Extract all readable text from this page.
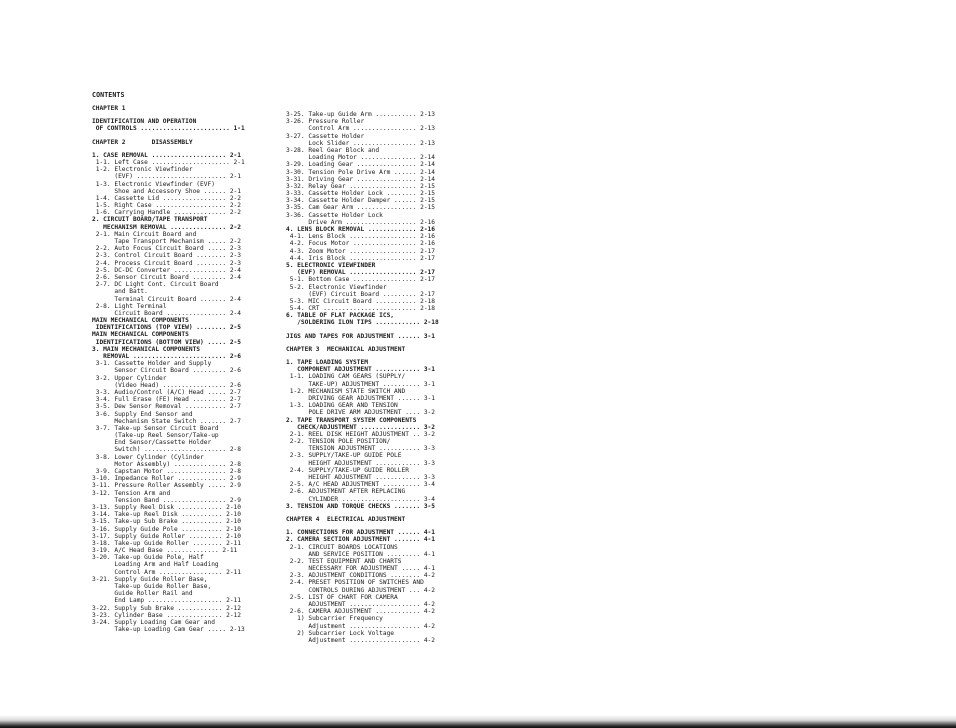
CONTENTS
CHAPTER 1
IDENTIFICATION AND OPERATION
OF CONTROLS ........................ 1-1
CHAPTER 2       DISASSEMBLY
1. CASE REMOVAL .................... 2-1
1-1. Left Case ..................... 2-1
1-2. Electronic Viewfinder
(EVF) ........................ 2-1
1-3. Electronic Viewfinder (EVF)
Shoe and Accessory Shoe ...... 2-1
1-4. Cassette Lid ................. 2-2
1-5. Right Case ................... 2-2
1-6. Carrying Handle .............. 2-2
2. CIRCUIT BOARD/TAPE TRANSPORT
MECHANISM REMOVAL ............... 2-2
2-1. Main Circuit Board and
Tape Transport Mechanism ..... 2-2
2-2. Auto Focus Circuit Board ..... 2-3
2-3. Control Circuit Board ........ 2-3
2-4. Process Circuit Board ........ 2-3
2-5. DC-DC Converter .............. 2-4
2-6. Sensor Circuit Board ......... 2-4
2-7. DC Light Cont. Circuit Board
and Batt.
Terminal Circuit Board ....... 2-4
2-8. Light Terminal
Circuit Board ................ 2-4
MAIN MECHANICAL COMPONENTS
IDENTIFICATIONS (TOP VIEW) ........ 2-5
MAIN MECHANICAL COMPONENTS
IDENTIFICATIONS (BOTTOM VIEW) ..... 2-5
3. MAIN MECHANICAL COMPONENTS
REMOVAL ......................... 2-6
3-1. Cassette Holder and Supply
Sensor Circuit Board ......... 2-6
3-2. Upper Cylinder
(Video Head) ................. 2-6
3-3. Audio/Control (A/C) Head ..... 2-7
3-4. Full Erase (FE) Head ......... 2-7
3-5. Dew Sensor Removal ........... 2-7
3-6. Supply End Sensor and
Mechanism State Switch ....... 2-7
3-7. Take-up Sensor Circuit Board
(Take-up Reel Sensor/Take-up
End Sensor/Cassette Holder
Switch) ...................... 2-8
3-8. Lower Cylinder (Cylinder
Motor Assembly) .............. 2-8
3-9. Capstan Motor ................ 2-8
3-10. Impedance Roller ............. 2-9
3-11. Pressure Roller Assembly ..... 2-9
3-12. Tension Arm and
Tension Band ................. 2-9
3-13. Supply Reel Disk ............ 2-10
3-14. Take-up Reel Disk ........... 2-10
3-15. Take-up Sub Brake ........... 2-10
3-16. Supply Guide Pole ........... 2-10
3-17. Supply Guide Roller ......... 2-10
3-18. Take-up Guide Roller ........ 2-11
3-19. A/C Head Base .............. 2-11
3-20. Take-up Guide Pole, Half
Loading Arm and Half Loading
Control Arm ................. 2-11
3-21. Supply Guide Roller Base,
Take-up Guide Roller Base,
Guide Roller Rail and
End Lamp .................... 2-11
3-22. Supply Sub Brake ............ 2-12
3-23. Cylinder Base ............... 2-12
3-24. Supply Loading Cam Gear and
Take-up Loading Cam Gear ..... 2-13
3-25. Take-up Guide Arm ........... 2-13
3-26. Pressure Roller
Control Arm ................. 2-13
3-27. Cassette Holder
Lock Slider ................. 2-13
3-28. Reel Gear Block and
Loading Motor ............... 2-14
3-29. Loading Gear ................ 2-14
3-30. Tension Pole Drive Arm ...... 2-14
3-31. Driving Gear ................ 2-14
3-32. Relay Gear .................. 2-15
3-33. Cassette Holder Lock ........ 2-15
3-34. Cassette Holder Damper ...... 2-15
3-35. Cam Gear Arm ................ 2-15
3-36. Cassette Holder Lock
Drive Arm ................... 2-16
4. LENS BLOCK REMOVAL ............. 2-16
4-1. Lens Block .................. 2-16
4-2. Focus Motor ................. 2-16
4-3. Zoom Motor .................. 2-17
4-4. Iris Block .................. 2-17
5. ELECTRONIC VIEWFINDER
(EVF) REMOVAL .................. 2-17
5-1. Bottom Case ................. 2-17
5-2. Electronic Viewfinder
(EVF) Circuit Board ......... 2-17
5-3. MIC Circuit Board ........... 2-18
5-4. CRT ......................... 2-18
6. TABLE OF FLAT PACKAGE ICS,
/SOLDERING ILON TIPS ............ 2-18
JIGS AND TAPES FOR ADJUSTMENT ...... 3-1
CHAPTER 3  MECHANICAL ADJUSTMENT
1. TAPE LOADING SYSTEM
COMPONENT ADJUSTMENT ............ 3-1
1-1. LOADING CAM GEARS (SUPPLY/
TAKE-UP) ADJUSTMENT .......... 3-1
1-2. MECHANISM STATE SWITCH AND
DRIVING GEAR ADJUSTMENT ...... 3-1
1-3. LOADING GEAR AND TENSION
POLE DRIVE ARM ADJUSTMENT .... 3-2
2. TAPE TRANSPORT SYSTEM COMPONENTS
CHECK/ADJUSTMENT ................ 3-2
2-1. REEL DISK HEIGHT ADJUSTMENT .. 3-2
2-2. TENSION POLE POSITION/
TENSION ADJUSTMENT ........... 3-3
2-3. SUPPLY/TAKE-UP GUIDE POLE
HEIGHT ADJUSTMENT ............ 3-3
2-4. SUPPLY/TAKE-UP GUIDE ROLLER
HEIGHT ADJUSTMENT ............ 3-3
2-5. A/C HEAD ADJUSTMENT .......... 3-4
2-6. ADJUSTMENT AFTER REPLACING
CYLINDER ..................... 3-4
3. TENSION AND TORQUE CHECKS ....... 3-5
CHAPTER 4  ELECTRICAL ADJUSTMENT
1. CONNECTIONS FOR ADJUSTMENT ...... 4-1
2. CAMERA SECTION ADJUSTMENT ....... 4-1
2-1. CIRCUIT BOARDS LOCATIONS
AND SERVICE POSITION ......... 4-1
2-2. TEST EQUIPMENT AND CHARTS
NECESSARY FOR ADJUSTMENT ..... 4-1
2-3. ADJUSTMENT CONDITIONS ........ 4-2
2-4. PRESET POSITION OF SWITCHES AND
CONTROLS DURING ADJUSTMENT ... 4-2
2-5. LIST OF CHART FOR CAMERA
ADJUSTMENT ................... 4-2
2-6. CAMERA ADJUSTMENT ............ 4-2
1) Subcarrier Frequency
Adjustment ................... 4-2
2) Subcarrier Lock Voltage
Adjustment ................... 4-2
